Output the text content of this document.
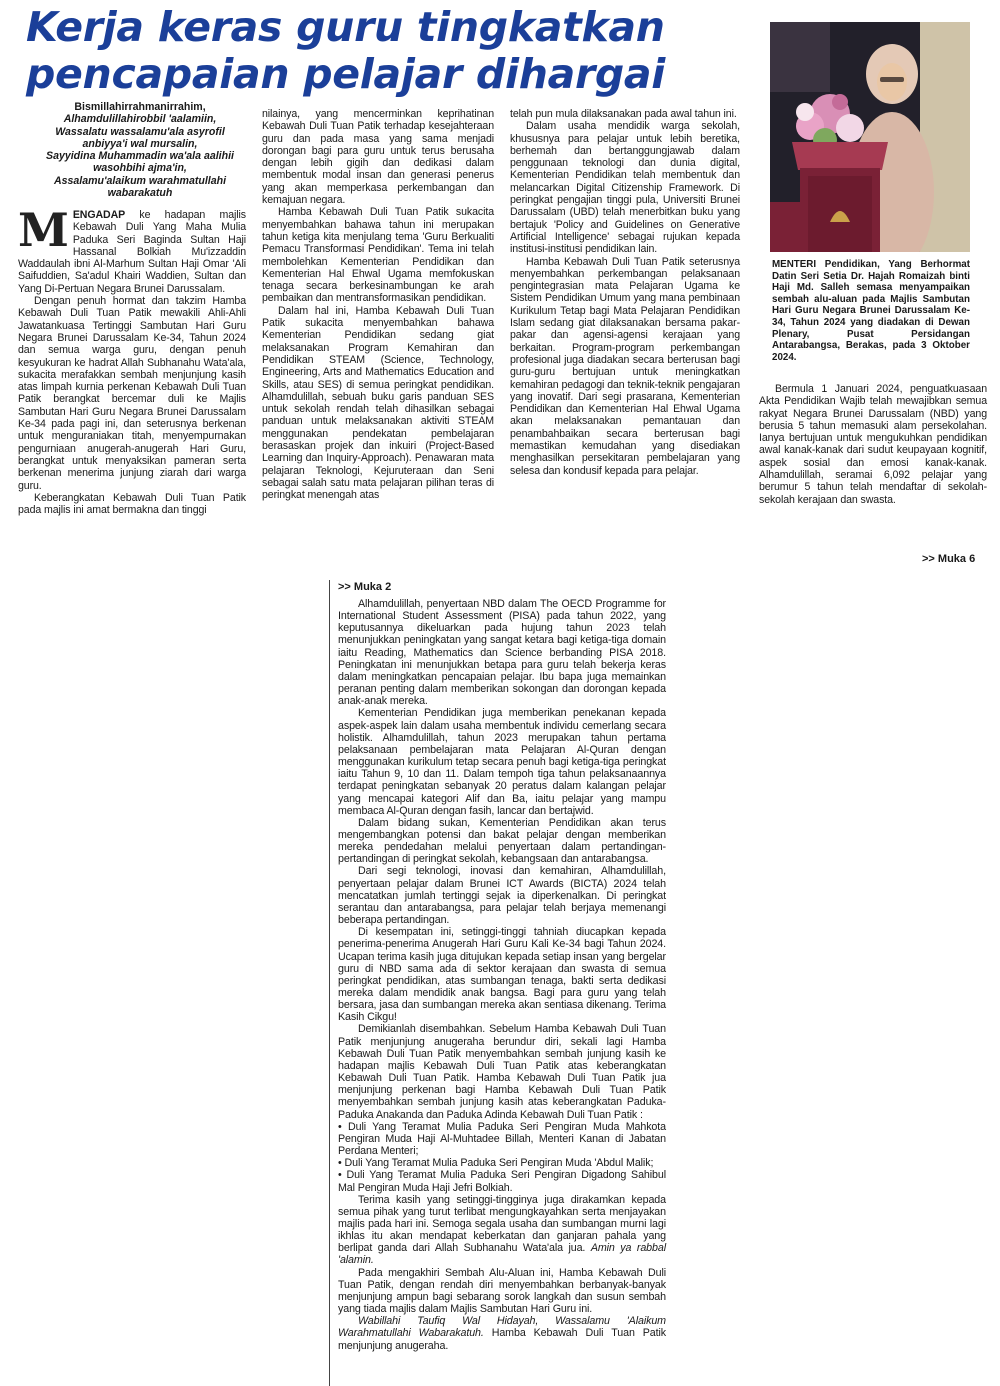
Kerja keras guru tingkatkan
pencapaian pelajar dihargai
Bismillahirrahmanirrahim,
Alhamdulillahirobbil 'aalamiin,
Wassalatu wassalamu'ala asyrofil
anbiyya'i wal mursalin,
Sayyidina Muhammadin wa'ala aalihii
wasohbihi ajma'in,
Assalamu'alaikum warahmatullahi
wabarakatuh

MENGADAP ke hadapan majlis Kebawah Duli Yang Maha Mulia Paduka Seri Baginda Sultan Haji Hassanal Bolkiah Mu'izzaddin Waddaulah ibni Al-Marhum Sultan Haji Omar 'Ali Saifuddien, Sa'adul Khairi Waddien, Sultan dan Yang Di-Pertuan Negara Brunei Darussalam.

Dengan penuh hormat dan takzim Hamba Kebawah Duli Tuan Patik mewakili Ahli-Ahli Jawatankuasa Tertinggi Sambutan Hari Guru Negara Brunei Darussalam Ke-34, Tahun 2024 dan semua warga guru, dengan penuh kesyukuran ke hadrat Allah Subhanahu Wata'ala, sukacita merafakkan sembah menjunjung kasih atas limpah kurnia perkenan Kebawah Duli Tuan Patik berangkat bercemar duli ke Majlis Sambutan Hari Guru Negara Brunei Darussalam Ke-34 pada pagi ini, dan seterusnya berkenan untuk menguraniakan titah, menyempurnakan pengurniaan anugerah-anugerah Hari Guru, berangkat untuk menyaksikan pameran serta berkenan menerima junjung ziarah dari warga guru.

Keberangkatan Kebawah Duli Tuan Patik pada majlis ini amat bermakna dan tinggi

nilainya, yang mencerminkan keprihatinan Kebawah Duli Tuan Patik terhadap kesejahteraan guru dan pada masa yang sama menjadi dorongan bagi para guru untuk terus berusaha dengan lebih gigih dan dedikasi dalam membentuk modal insan dan generasi penerus yang akan memperkasa perkembangan dan kemajuan negara.

Hamba Kebawah Duli Tuan Patik sukacita menyembahkan bahawa tahun ini merupakan tahun ketiga kita menjulang tema 'Guru Berkualiti Pemacu Transformasi Pendidikan'. Tema ini telah membolehkan Kementerian Pendidikan dan Kementerian Hal Ehwal Ugama memfokuskan tenaga secara berkesinambungan ke arah pembaikan dan mentransformasikan pendidikan.

Dalam hal ini, Hamba Kebawah Duli Tuan Patik sukacita menyembahkan bahawa Kementerian Pendidikan sedang giat melaksanakan Program Kemahiran dan Pendidikan STEAM (Science, Technology, Engineering, Arts and Mathematics Education and Skills, atau SES) di semua peringkat pendidikan. Alhamdulillah, sebuah buku garis panduan SES untuk sekolah rendah telah dihasilkan sebagai panduan untuk melaksanakan aktiviti STEAM menggunakan pendekatan pembelajaran berasaskan projek dan inkuiri (Project-Based Learning dan Inquiry-Approach). Penawaran mata pelajaran Teknologi, Kejuruteraan dan Seni sebagai salah satu mata pelajaran pilihan teras di peringkat menengah atas

telah pun mula dilaksanakan pada awal tahun ini.

Dalam usaha mendidik warga sekolah, khususnya para pelajar untuk lebih beretika, berhemah dan bertanggungjawab dalam penggunaan teknologi dan dunia digital, Kementerian Pendidikan telah membentuk dan melancarkan Digital Citizenship Framework. Di peringkat pengajian tinggi pula, Universiti Brunei Darussalam (UBD) telah menerbitkan buku yang bertajuk 'Policy and Guidelines on Generative Artificial Intelligence' sebagai rujukan kepada institusi-institusi pendidikan lain.

Hamba Kebawah Duli Tuan Patik seterusnya menyembahkan perkembangan pelaksanaan pengintegrasian mata Pelajaran Ugama ke Sistem Pendidikan Umum yang mana pembinaan Kurikulum Tetap bagi Mata Pelajaran Pendidikan Islam sedang giat dilaksanakan bersama pakar-pakar dan agensi-agensi kerajaan yang berkaitan. Program-program perkembangan profesional juga diadakan secara berterusan bagi guru-guru bertujuan untuk meningkatkan kemahiran pedagogi dan teknik-teknik pengajaran yang inovatif. Dari segi prasarana, Kementerian Pendidikan dan Kementerian Hal Ehwal Ugama akan melaksanakan pemantauan dan penambahbaikan secara berterusan bagi memastikan kemudahan yang disediakan menghasilkan persekitaran pembelajaran yang selesa dan kondusif kepada para pelajar.

MENTERI Pendidikan, Yang Berhormat Datin Seri Setia Dr. Hajah Romaizah binti Haji Md. Salleh semasa menyampaikan sembah alu-aluan pada Majlis Sambutan Hari Guru Negara Brunei Darussalam Ke-34, Tahun 2024 yang diadakan di Dewan Plenary, Pusat Persidangan Antarabangsa, Berakas, pada 3 Oktober 2024.

Bermula 1 Januari 2024, penguatkuasaan Akta Pendidikan Wajib telah mewajibkan semua rakyat Negara Brunei Darussalam (NBD) yang berusia 5 tahun memasuki alam persekolahan. Ianya bertujuan untuk mengukuhkan pendidikan awal kanak-kanak dari sudut keupayaan kognitif, aspek sosial dan emosi kanak-kanak. Alhamdulillah, seramai 6,092 pelajar yang berumur 5 tahun telah mendaftar di sekolah-sekolah kerajaan dan swasta.

>> Muka 6
>> Muka 2

Alhamdulillah, penyertaan NBD dalam The OECD Programme for International Student Assessment (PISA) pada tahun 2022, yang keputusannya dikeluarkan pada hujung tahun 2023 telah menunjukkan peningkatan yang sangat ketara bagi ketiga-tiga domain iaitu Reading, Mathematics dan Science berbanding PISA 2018. Peningkatan ini menunjukkan betapa para guru telah bekerja keras dalam meningkatkan pencapaian pelajar. Ibu bapa juga memainkan peranan penting dalam memberikan sokongan dan dorongan kepada anak-anak mereka.

Kementerian Pendidikan juga memberikan penekanan kepada aspek-aspek lain dalam usaha membentuk individu cemerlang secara holistik. Alhamdulillah, tahun 2023 merupakan tahun pertama pelaksanaan pembelajaran mata Pelajaran Al-Quran dengan menggunakan kurikulum tetap secara penuh bagi ketiga-tiga peringkat iaitu Tahun 9, 10 dan 11. Dalam tempoh tiga tahun pelaksanaannya terdapat peningkatan sebanyak 20 peratus dalam kalangan pelajar yang mencapai kategori Alif dan Ba, iaitu pelajar yang mampu membaca Al-Quran dengan fasih, lancar dan bertajwid.

Dalam bidang sukan, Kementerian Pendidikan akan terus mengembangkan potensi dan bakat pelajar dengan memberikan mereka pendedahan melalui penyertaan dalam pertandingan-pertandingan di peringkat sekolah, kebangsaan dan antarabangsa.

Dari segi teknologi, inovasi dan kemahiran, Alhamdulillah, penyertaan pelajar dalam Brunei ICT Awards (BICTA) 2024 telah mencatatkan jumlah tertinggi sejak ia diperkenalkan. Di peringkat serantau dan antarabangsa, para pelajar telah berjaya memenangi beberapa pertandingan.

Di kesempatan ini, setinggi-tinggi tahniah diucapkan kepada penerima-penerima Anugerah Hari Guru Kali Ke-34 bagi Tahun 2024. Ucapan terima kasih juga ditujukan kepada setiap insan yang bergelar guru di NBD sama ada di sektor kerajaan dan swasta di semua peringkat pendidikan, atas sumbangan tenaga, bakti serta dedikasi mereka dalam mendidik anak bangsa. Bagi para guru yang telah bersara, jasa dan sumbangan mereka akan sentiasa dikenang. Terima Kasih Cikgu!

Demikianlah disembahkan. Sebelum Hamba Kebawah Duli Tuan Patik menjunjung anugeraha berundur diri, sekali lagi Hamba Kebawah Duli Tuan Patik menyembahkan sembah junjung kasih ke hadapan majlis Kebawah Duli Tuan Patik atas keberangkatan Kebawah Duli Tuan Patik. Hamba Kebawah Duli Tuan Patik jua menjunjung perkenan bagi Hamba Kebawah Duli Tuan Patik menyembahkan sembah junjung kasih atas keberangkatan Paduka-Paduka Anakanda dan Paduka Adinda Kebawah Duli Tuan Patik :

• Duli Yang Teramat Mulia Paduka Seri Pengiran Muda Mahkota Pengiran Muda Haji Al-Muhtadee Billah, Menteri Kanan di Jabatan Perdana Menteri;

• Duli Yang Teramat Mulia Paduka Seri Pengiran Muda 'Abdul Malik;

• Duli Yang Teramat Mulia Paduka Seri Pengiran Digadong Sahibul Mal Pengiran Muda Haji Jefri Bolkiah.

Terima kasih yang setinggi-tingginya juga dirakamkan kepada semua pihak yang turut terlibat mengungkayahkan serta menjayakan majlis pada hari ini. Semoga segala usaha dan sumbangan murni lagi ikhlas itu akan mendapat keberkatan dan ganjaran pahala yang berlipat ganda dari Allah Subhanahu Wata'ala jua. Amin ya rabbal 'alamin.

Pada mengakhiri Sembah Alu-Aluan ini, Hamba Kebawah Duli Tuan Patik, dengan rendah diri menyembahkan berbanyak-banyak menjunjung ampun bagi sebarang sorok langkah dan susun sembah yang tiada majlis dalam Majlis Sambutan Hari Guru ini.

Wabillahi Taufiq Wal Hidayah, Wassalamu 'Alaikum Warahmatullahi Wabarakatuh. Hamba Kebawah Duli Tuan Patik menjunjung anugeraha.
